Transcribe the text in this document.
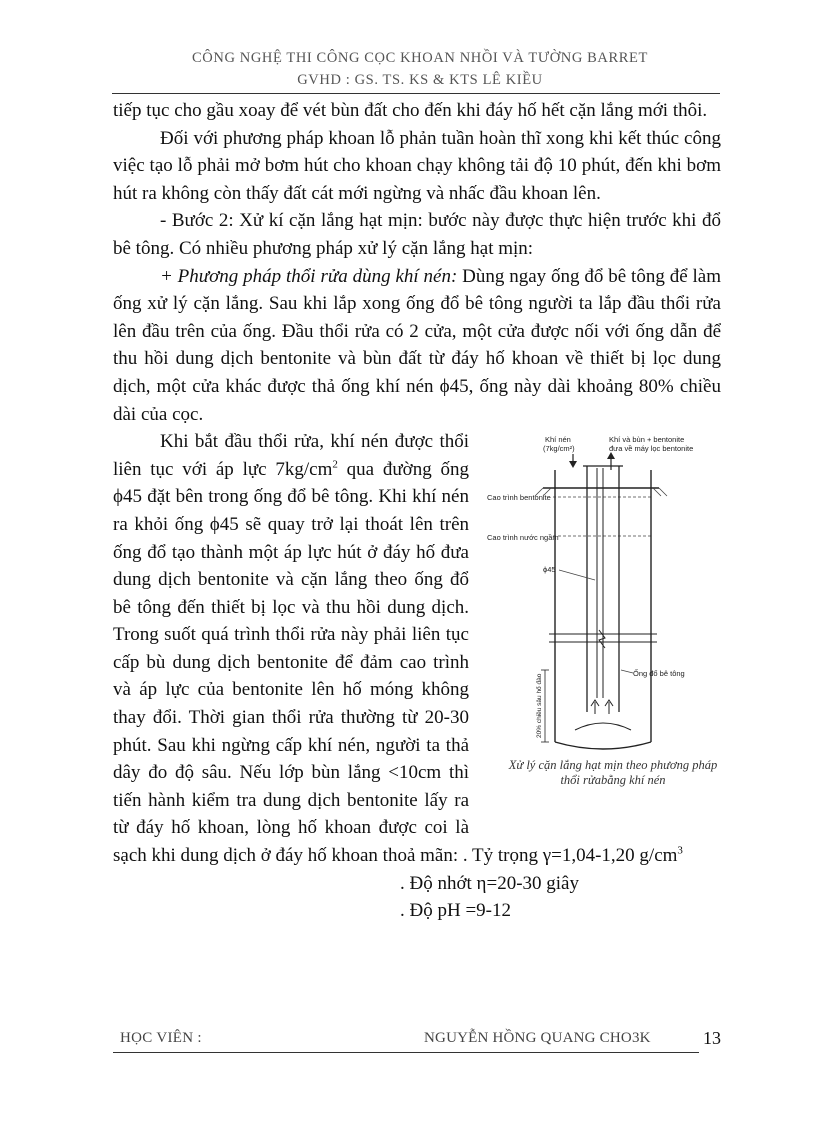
CÔNG NGHỆ THI CÔNG CỌC KHOAN NHỒI VÀ TƯỜNG BARRET
GVHD : GS. TS. KS & KTS LÊ KIỀU

tiếp tục cho gầu xoay để vét bùn đất cho đến khi đáy hố hết cặn lắng mới thôi.

Đối với phương pháp khoan lỗ phản tuần hoàn thĩ xong khi kết thúc công việc tạo lỗ phải mở bơm hút cho khoan chạy không tải độ 10 phút, đến khi bơm hút ra không còn thấy đất cát mới ngừng và nhấc đầu khoan lên.

- Bước 2: Xử kí cặn lắng hạt mịn: bước này được thực hiện trước khi đổ bê tông. Có nhiều phương pháp xử lý cặn lắng hạt mịn:

+ Phương pháp thổi rửa dùng khí nén: Dùng ngay ống đổ bê tông để làm ống xử lý cặn lắng. Sau khi lắp xong ống đổ bê tông người ta lắp đầu thổi rửa lên đầu trên của ống. Đầu thổi rửa có 2 cửa, một cửa được nối với ống dẫn để thu hồi dung dịch bentonite và bùn đất từ đáy hố khoan về thiết bị lọc dung dịch, một cửa khác được thả ống khí nén ϕ45, ống này dài khoảng 80% chiều dài của cọc.

Khí nén
(7kg/cm²)
Khí và bùn + bentonite
đưa về máy lọc bentonite
Cao trình bentonite
Cao trình nước ngầm
ϕ45
Ống đổ bê tông
20% chiều sâu hố đào
Xử lý cặn lắng hạt mịn theo phương pháp thổi rửabằng khí nén

Khi bắt đầu thổi rửa, khí nén được thổi liên tục với áp lực $7kg/cm^2$ qua đường ống ϕ45 đặt bên trong ống đổ bê tông. Khi khí nén ra khỏi ống ϕ45 sẽ quay trở lại thoát lên trên ống đổ tạo thành một áp lực hút ở đáy hố đưa dung dịch bentonite và cặn lắng theo ống đổ bê tông đến thiết bị lọc và thu hồi dung dịch. Trong suốt quá trình thổi rửa này phải liên tục cấp bù dung dịch bentonite để đảm cao trình và áp lực của bentonite lên hố móng không thay đổi. Thời gian thổi rửa thường từ 20-30 phút. Sau khi ngừng cấp khí nén, người ta thả dây đo độ sâu. Nếu lớp bùn lắng <10cm thì tiến hành kiểm tra dung dịch bentonite lấy ra từ đáy hố khoan, lòng hố khoan được coi là sạch khi dung dịch ở đáy hố khoan thoả mãn: . Tỷ trọng γ=1,04-1,20 $g/cm^3$

. Độ nhớt η=20-30 giây

. Độ pH =9-12

HỌC VIÊN :	NGUYỄN HỒNG QUANG CHO3K	13
